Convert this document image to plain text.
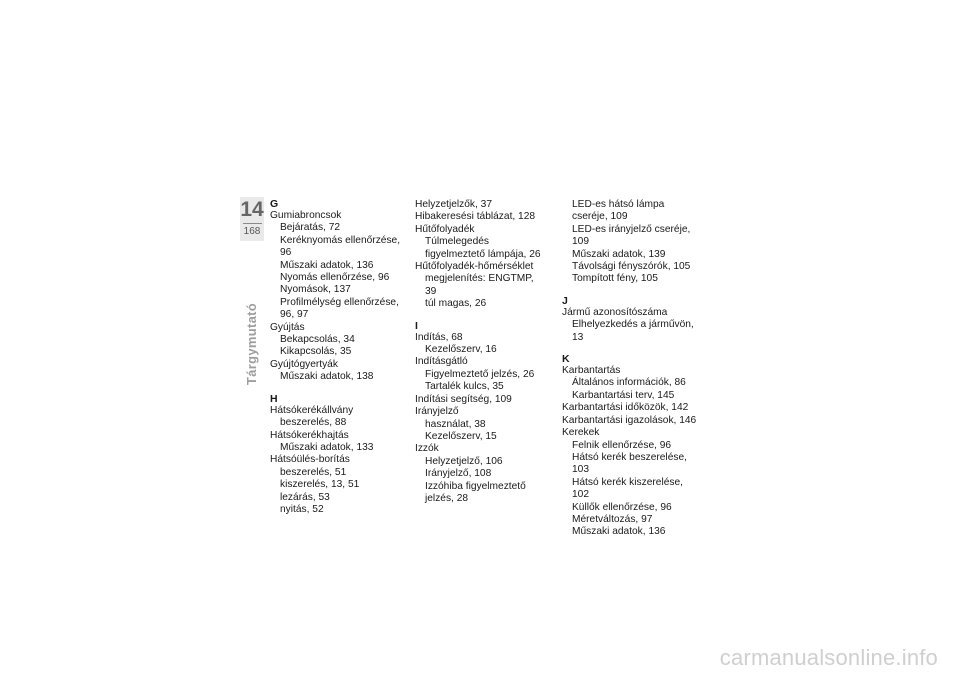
14
168
Tárgymutató
G
Gumiabroncsok
Bejáratás, 72
Keréknyomás ellenőrzése, 96
Műszaki adatok, 136
Nyomás ellenőrzése, 96
Nyomások, 137
Profilmélység ellenőrzése, 96, 97
Gyújtás
Bekapcsolás, 34
Kikapcsolás, 35
Gyújtógyertyák
Műszaki adatok, 138
H
Hátsókerékállvány
beszerelés, 88
Hátsókerékhajtás
Műszaki adatok, 133
Hátsóülés-borítás
beszerelés, 51
kiszerelés, 13, 51
lezárás, 53
nyitás, 52
Helyzetjelzők, 37
Hibakeresési táblázat, 128
Hűtőfolyadék
Túlmelegedés figyelmeztető lámpája, 26
Hűtőfolyadék-hőmérséklet
megjelenítés: ENGTMP, 39
túl magas, 26
I
Indítás, 68
Kezelőszerv, 16
Indításgátló
Figyelmeztető jelzés, 26
Tartalék kulcs, 35
Indítási segítség, 109
Irányjelző
használat, 38
Kezelőszerv, 15
Izzók
Helyzetjelző, 106
Irányjelző, 108
Izzóhiba figyelmeztető jelzés, 28
LED-es hátsó lámpa cseréje, 109
LED-es irányjelző cseréje, 109
Műszaki adatok, 139
Távolsági fényszórók, 105
Tompított fény, 105
J
Jármű azonosítószáma
Elhelyezkedés a járművön, 13
K
Karbantartás
Általános információk, 86
Karbantartási terv, 145
Karbantartási időközök, 142
Karbantartási igazolások, 146
Kerekek
Felnik ellenőrzése, 96
Hátsó kerék beszerelése, 103
Hátsó kerék kiszerelése, 102
Küllők ellenőrzése, 96
Méretváltozás, 97
Műszaki adatok, 136
carmanualsonline.info
